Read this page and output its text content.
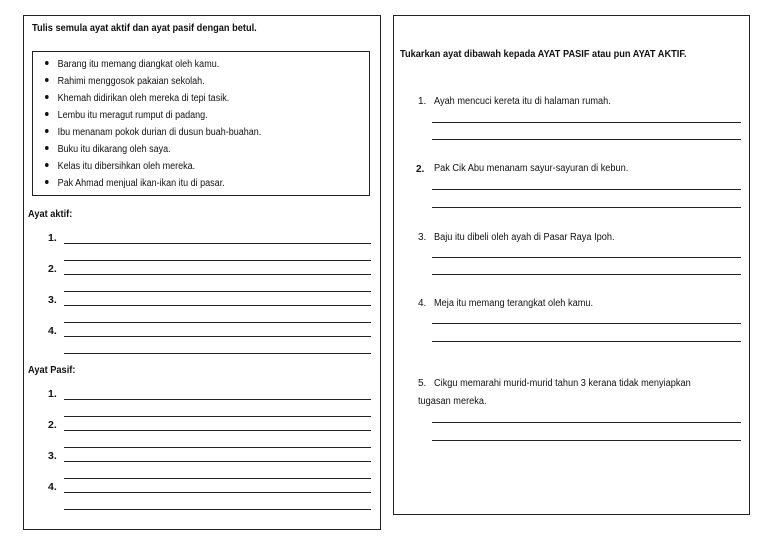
Tulis semula ayat aktif dan ayat pasif dengan betul.
Barang itu memang diangkat oleh kamu.
Rahimi menggosok pakaian sekolah.
Khemah didirikan oleh mereka di tepi tasik.
Lembu itu meragut rumput di padang.
Ibu menanam pokok durian di dusun buah-buahan.
Buku itu dikarang oleh saya.
Kelas itu dibersihkan oleh mereka.
Pak Ahmad menjual ikan-ikan itu di pasar.
Ayat aktif:
1.
2.
3.
4.
Ayat Pasif:
1.
2.
3.
4.
Tukarkan ayat dibawah kepada AYAT PASIF atau pun AYAT AKTIF.
1. Ayah mencuci kereta itu di halaman rumah.
2. Pak Cik Abu menanam sayur-sayuran di kebun.
3. Baju itu dibeli oleh ayah di Pasar Raya Ipoh.
4. Meja itu memang terangkat oleh kamu.
5. Cikgu memarahi murid-murid tahun 3 kerana tidak menyiapkan
tugasan mereka.
